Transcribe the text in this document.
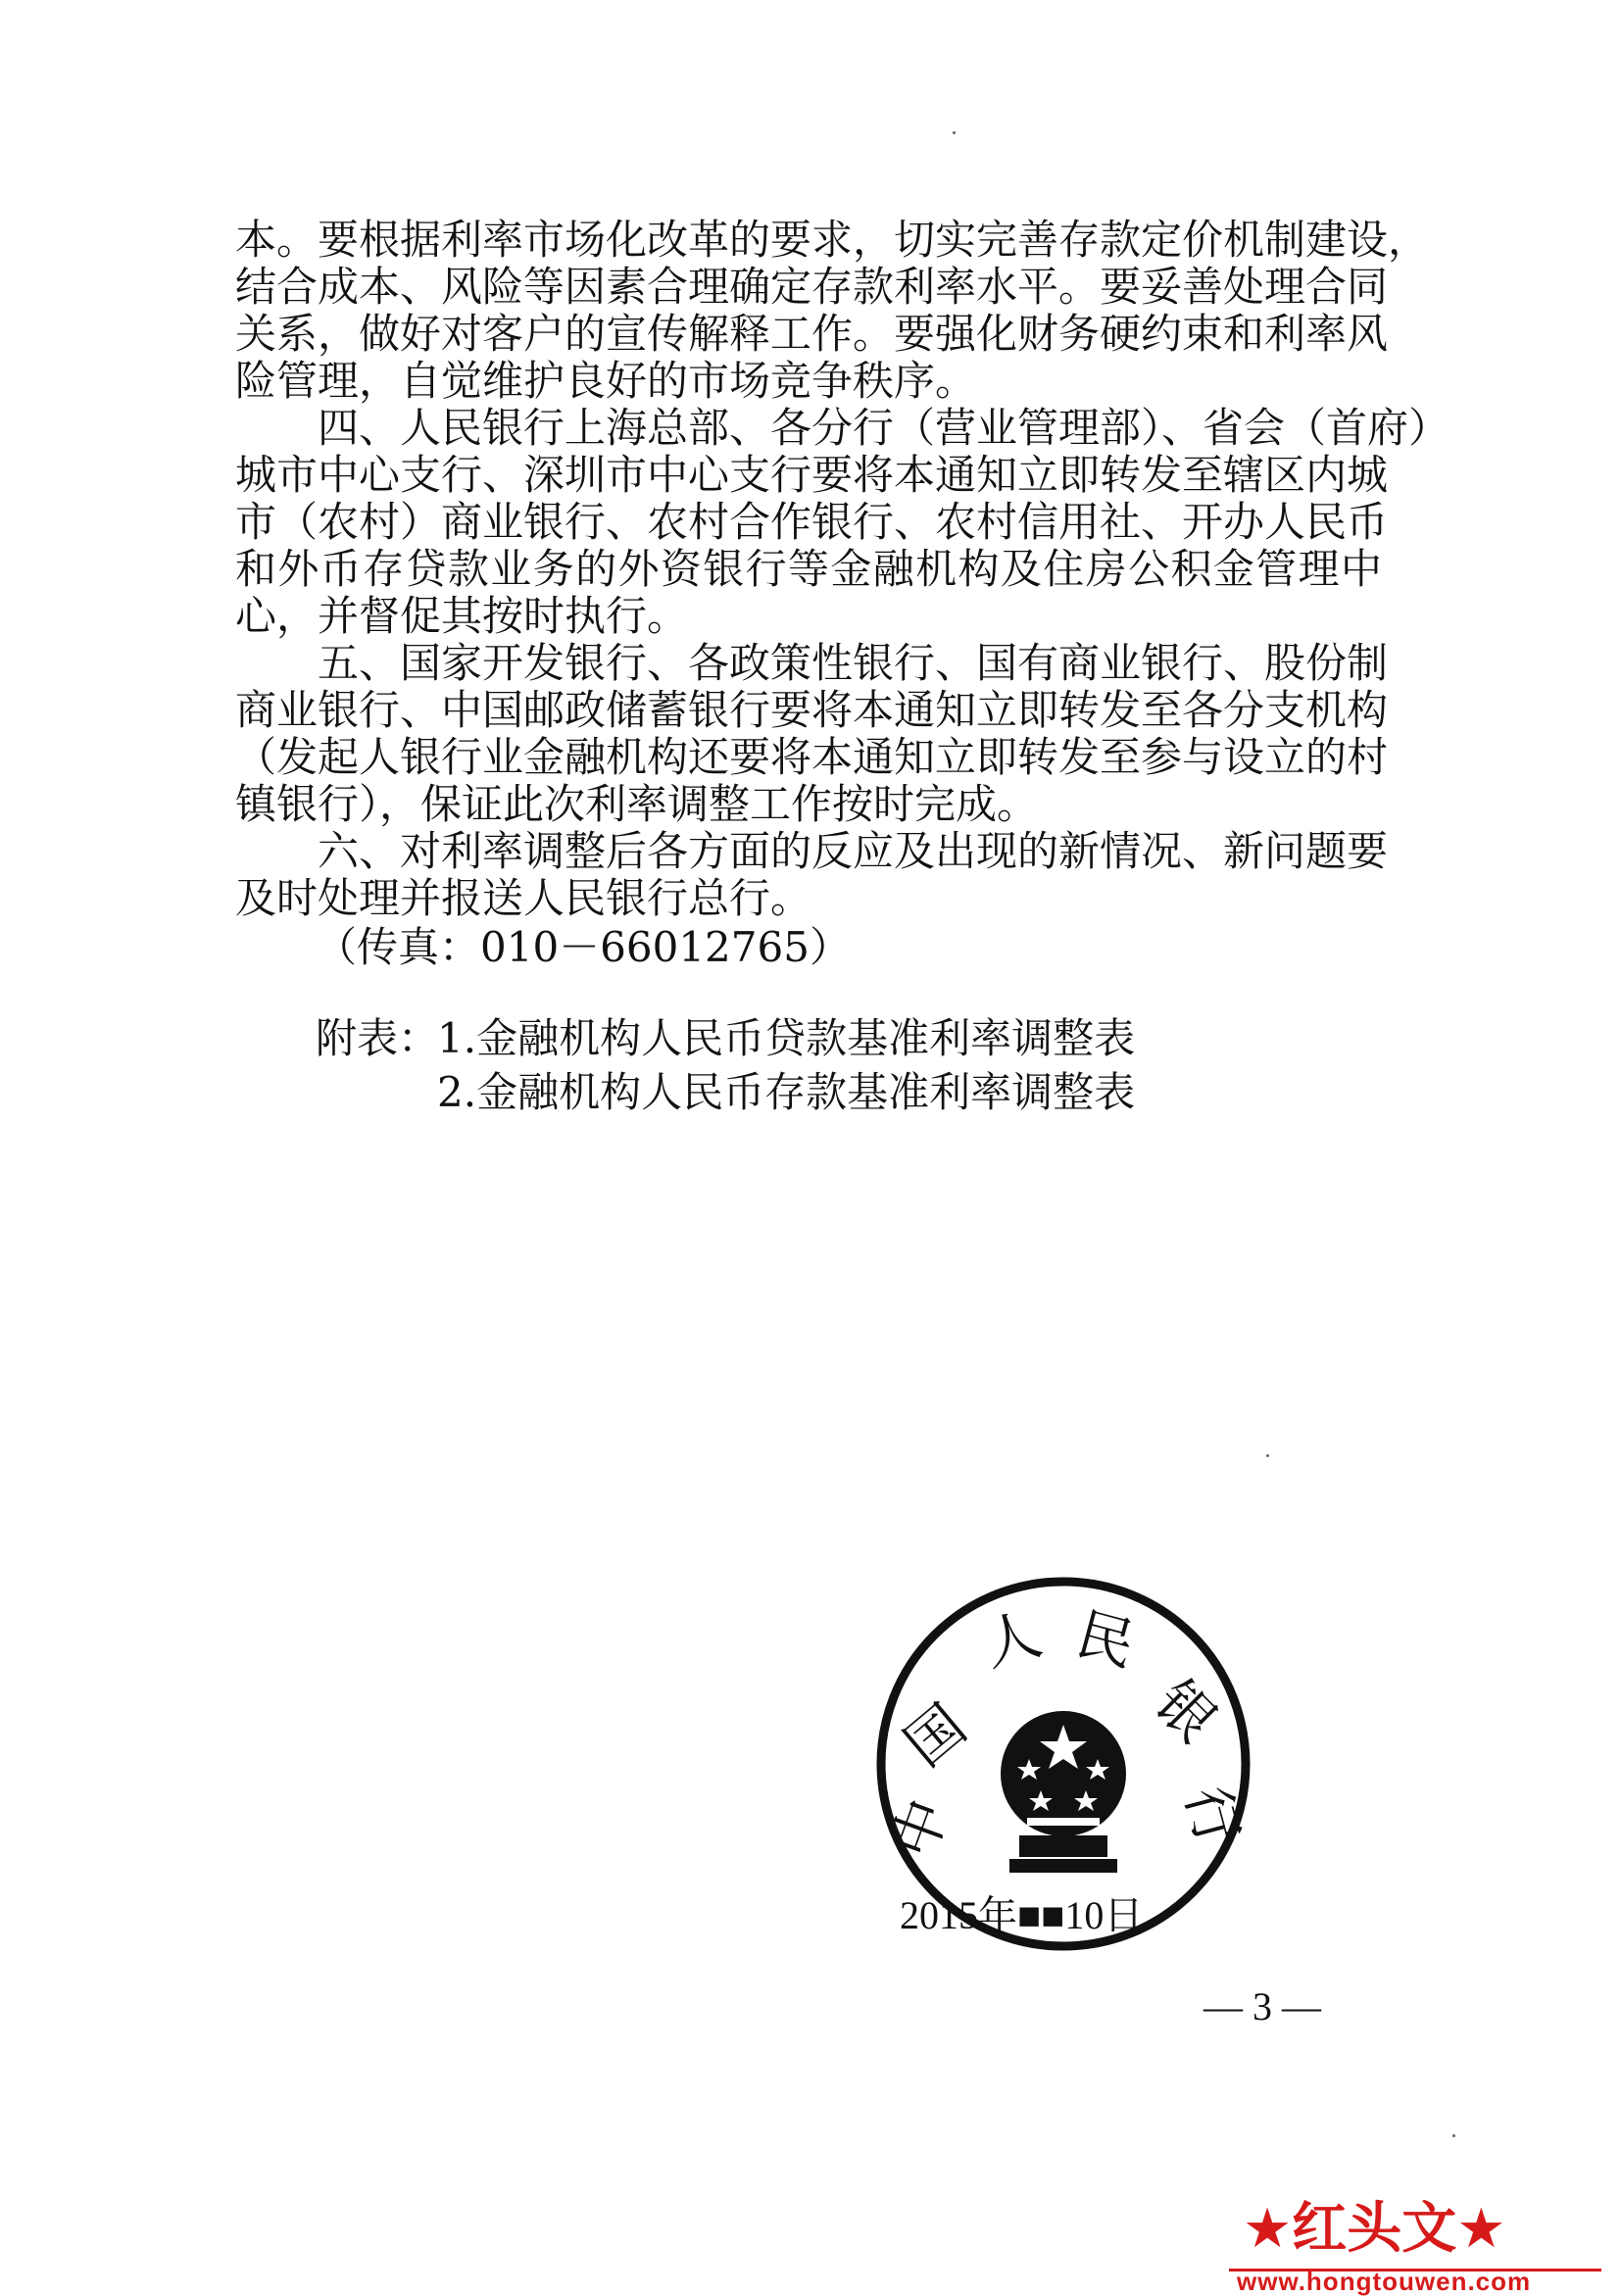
本。要根据利率市场化改革的要求，切实完善存款定价机制建设，
结合成本、风险等因素合理确定存款利率水平。要妥善处理合同
关系，做好对客户的宣传解释工作。要强化财务硬约束和利率风
险管理，自觉维护良好的市场竞争秩序。
四、人民银行上海总部、各分行（营业管理部）、省会（首府）
城市中心支行、深圳市中心支行要将本通知立即转发至辖区内城
市（农村）商业银行、农村合作银行、农村信用社、开办人民币
和外币存贷款业务的外资银行等金融机构及住房公积金管理中
心，并督促其按时执行。
五、国家开发银行、各政策性银行、国有商业银行、股份制
商业银行、中国邮政储蓄银行要将本通知立即转发至各分支机构
（发起人银行业金融机构还要将本通知立即转发至参与设立的村
镇银行），保证此次利率调整工作按时完成。
六、对利率调整后各方面的反应及出现的新情况、新问题要
及时处理并报送人民银行总行。
（传真：010－66012765）
附表：
1.金融机构人民币贷款基准利率调整表
2.金融机构人民币存款基准利率调整表
中
国
人 民
银
行
2015年■■10日
— 3 —
★红头文★
www.hongtouwen.com
